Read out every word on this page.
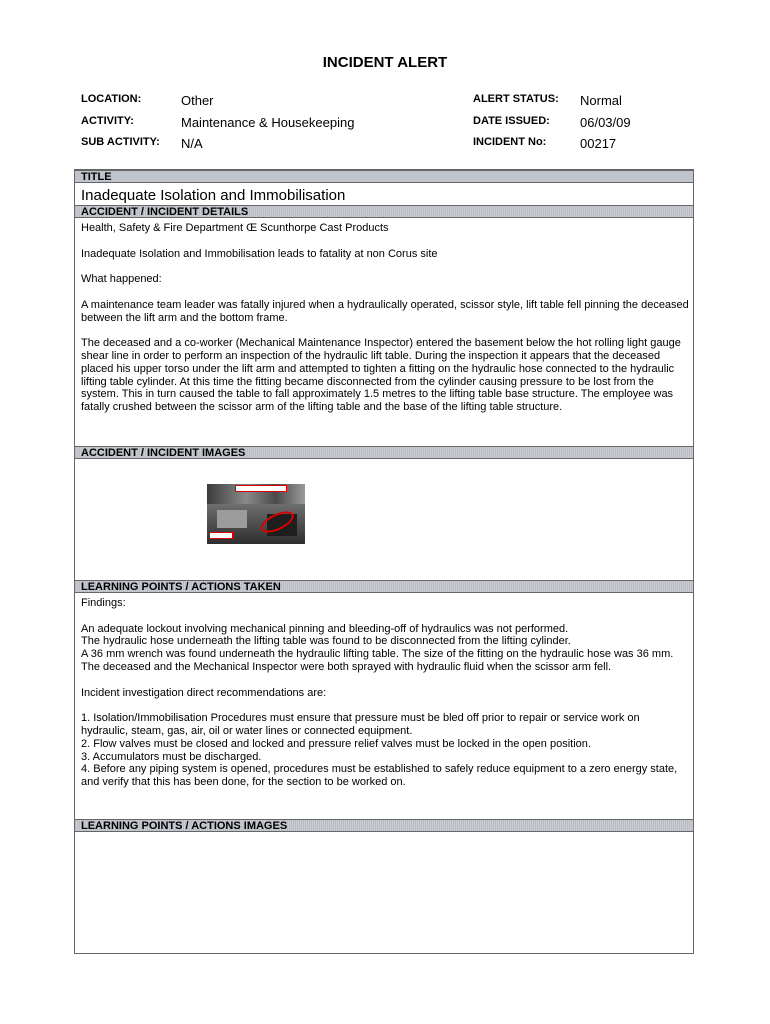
INCIDENT ALERT
LOCATION:	Other
ACTIVITY:	Maintenance & Housekeeping
SUB ACTIVITY: N/A
ALERT STATUS: Normal
DATE ISSUED: 06/03/09
INCIDENT No:	00217
TITLE
Inadequate Isolation and Immobilisation
ACCIDENT / INCIDENT DETAILS

Health, Safety & Fire Department Œ Scunthorpe Cast Products

Inadequate Isolation and Immobilisation leads to fatality at non Corus site

What happened:

A maintenance team leader was fatally injured when a hydraulically operated, scissor style, lift table fell pinning the deceased between the lift arm and the bottom frame.

The deceased and a co-worker (Mechanical Maintenance Inspector) entered the basement below the hot rolling light gauge shear line in order to perform an inspection of the hydraulic lift table. During the inspection it appears that the deceased placed his upper torso under the lift arm and attempted to tighten a fitting on the hydraulic hose connected to the hydraulic lifting table cylinder. At this time the fitting became disconnected from the cylinder causing pressure to be lost from the system. This in turn caused the table to fall approximately 1.5 metres to the lifting table base structure. The employee was fatally crushed between the scissor arm of the lifting table and the base of the lifting table structure.

ACCIDENT / INCIDENT IMAGES
LEARNING POINTS / ACTIONS TAKEN

Findings:

An adequate lockout involving mechanical pinning and bleeding-off of hydraulics was not performed.
The hydraulic hose underneath the lifting table was found to be disconnected from the lifting cylinder.
A 36 mm wrench was found underneath the hydraulic lifting table. The size of the fitting on the hydraulic hose was 36 mm.

The deceased and the Mechanical Inspector were both sprayed with hydraulic fluid when the scissor arm fell.

Incident investigation direct recommendations are:

1. Isolation/Immobilisation Procedures must ensure that pressure must be bled off prior to repair or service work on hydraulic, steam, gas, air, oil or water lines or connected equipment.
2. Flow valves must be closed and locked and pressure relief valves must be locked in the open position.
3. Accumulators must be discharged.
4. Before any piping system is opened, procedures must be established to safely reduce equipment to a zero energy state, and verify that this has been done, for the section to be worked on.
LEARNING POINTS / ACTIONS IMAGES
